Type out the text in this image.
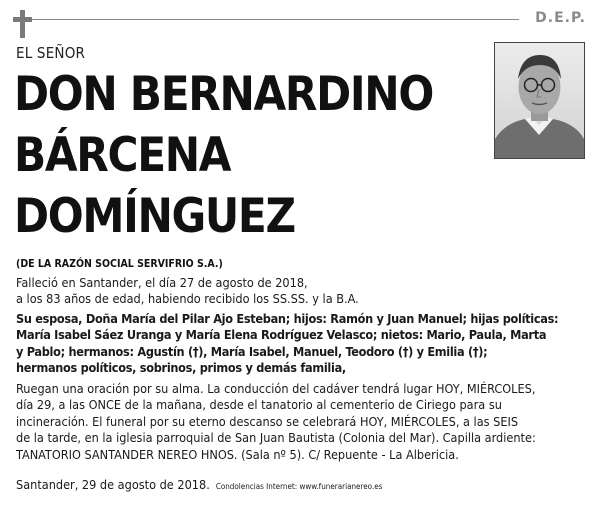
D.E.P.
EL SEÑOR
DON BERNARDINO
BÁRCENA
DOMÍNGUEZ
(DE LA RAZÓN SOCIAL SERVIFRIO S.A.)
Falleció en Santander, el día 27 de agosto de 2018,
a los 83 años de edad, habiendo recibido los SS.SS. y la B.A.
Su esposa, Doña María del Pilar Ajo Esteban; hijos: Ramón y Juan Manuel; hijas políticas:
María Isabel Sáez Uranga y María Elena Rodríguez Velasco; nietos: Mario, Paula, Marta
y Pablo; hermanos: Agustín (†), María Isabel, Manuel, Teodoro (†) y Emilia (†);
hermanos políticos, sobrinos, primos y demás familia,
Ruegan una oración por su alma. La conducción del cadáver tendrá lugar HOY, MIÉRCOLES,
día 29, a las ONCE de la mañana, desde el tanatorio al cementerio de Ciriego para su
incineración. El funeral por su eterno descanso se celebrará HOY, MIÉRCOLES, a las SEIS
de la tarde, en la iglesia parroquial de San Juan Bautista (Colonia del Mar). Capilla ardiente:
TANATORIO SANTANDER NEREO HNOS. (Sala nº 5). C/ Repuente - La Albericia.
Santander, 29 de agosto de 2018. Condolencias Internet: www.funerarianereo.es
